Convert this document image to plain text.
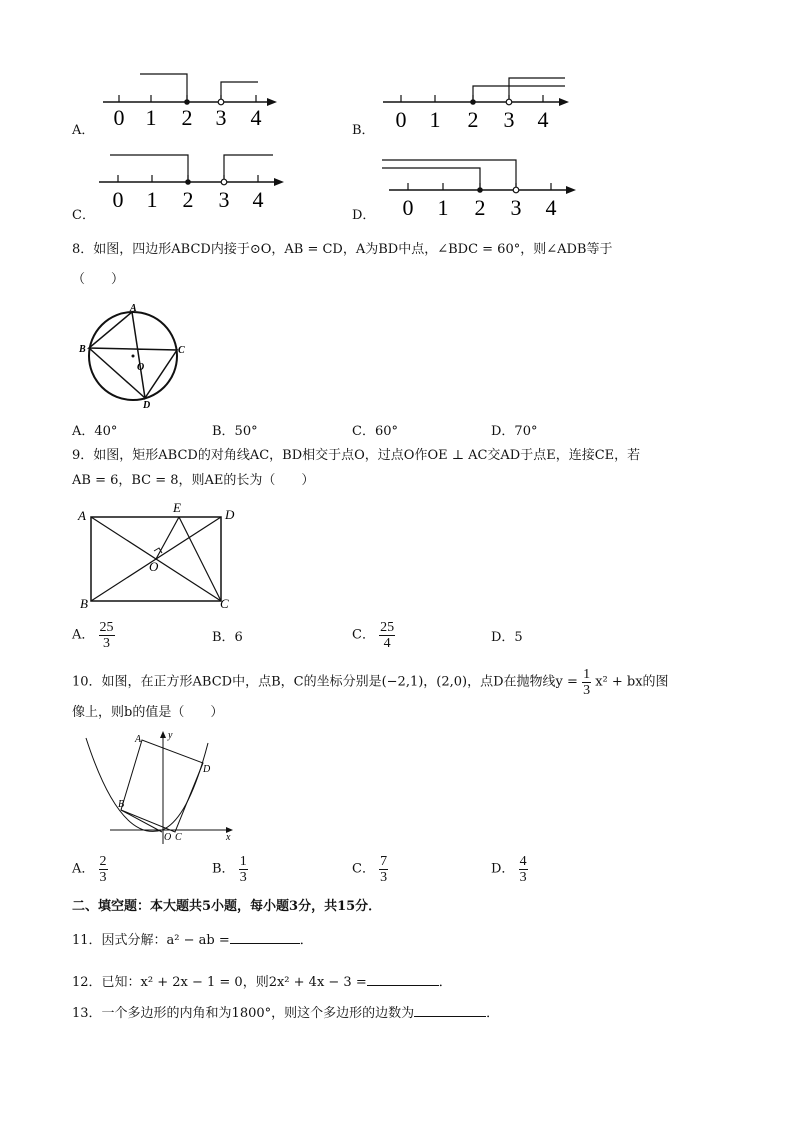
A．
0 1 2 3 4
B． 0 1 2 3 4
C．
0 1 2 3 4
D． 0 1 2 3 4
8．如图，四边形ABCD内接于⊙O，AB = CD，A为BD中点，∠BDC = 60°，则∠ADB等于
（　　）
A
B	C
D
O
A．40°	B．50°	C．60°	D．70°
9．如图，矩形ABCD的对角线AC，BD相交于点O，过点O作OE ⊥ AC交AD于点E，连接CE，若
AB = 6，BC = 8，则AE的长为（　　）
A
B	C
D
E
O
A． $\frac{25}{3}$	B．6	C． $\frac{25}{4}$	D．5
10．如图，在正方形ABCD中，点B，C的坐标分别是(−2,1)，(2,0)，点D在抛物线$y = \frac{1}{3} x^2$ + bx的图
像上，则b的值是（　　）
A
B
C
D
O	x
y
A． $\frac{2}{3}$	B． $\frac{1}{3}$	C． $\frac{7}{3}$	D． $\frac{4}{3}$
二、填空题：本大题共5小题，每小题3分，共15分．
11．因式分解：a² − ab =	．
12．已知：x² + 2x − 1 = 0，则2x² + 4x − 3 =	．
13．一个多边形的内角和为1800°，则这个多边形的边数为	．
